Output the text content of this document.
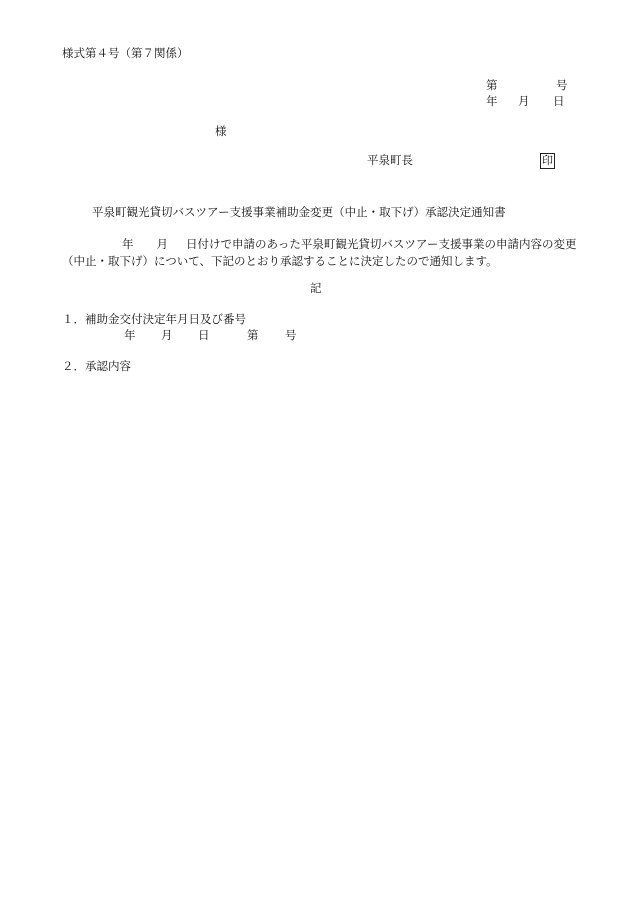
様式第４号（第７関係）
第	号
年 月 日
様
平泉町長	印
平泉町観光貸切バスツアー支援事業補助金変更（中止・取下げ）承認決定通知書
年 月 日付けで申請のあった平泉町観光貸切バスツアー支援事業の申請内容の変更（中止・取下げ）について、下記のとおり承認することに決定したので通知します。
記
１．補助金交付決定年月日及び番号
年 月 日	第 号
２．承認内容
